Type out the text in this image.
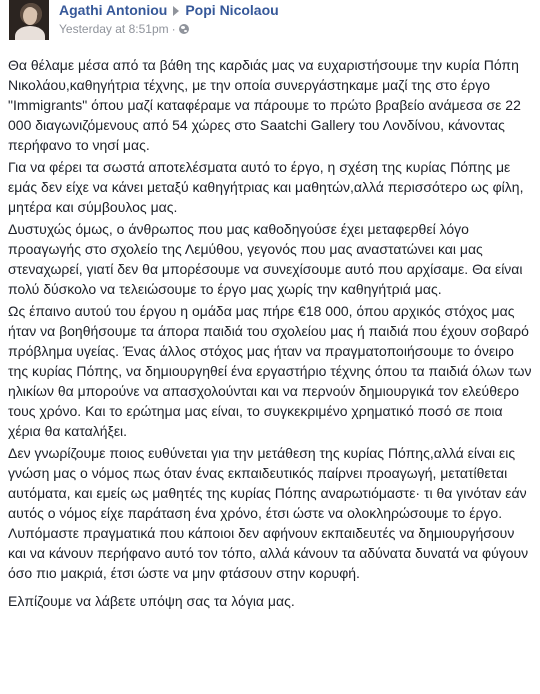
Agathi Antoniou Popi Nicolaou
Yesterday at 8:51pm ·

Θα θέλαμε μέσα από τα βάθη της καρδιάς μας να ευχαριστήσουμε την κυρία Πόπη Νικολάου,καθηγήτρια τέχνης, με την οποία συνεργάστηκαμε μαζί της στο έργο "Immigrants" όπου μαζί καταφέραμε να πάρουμε το πρώτο βραβείο ανάμεσα σε 22 000 διαγωνιζόμενους από 54 χώρες στο Saatchi Gallery του Λονδίνου, κάνοντας περήφανο το νησί μας.

Για να φέρει τα σωστά αποτελέσματα αυτό το έργο, η σχέση της κυρίας Πόπης με εμάς δεν είχε να κάνει μεταξύ καθηγήτριας και μαθητών,αλλά περισσότερο ως φίλη, μητέρα και σύμβουλος μας.

Δυστυχώς όμως, ο άνθρωπος που μας καθοδηγούσε έχει μεταφερθεί λόγο προαγωγής στο σχολείο της Λεμύθου, γεγονός που μας αναστατώνει και μας στεναχωρεί, γιατί δεν θα μπορέσουμε να συνεχίσουμε αυτό που αρχίσαμε. Θα είναι πολύ δύσκολο να τελειώσουμε το έργο μας χωρίς την καθηγήτριά μας.

Ως έπαινο αυτού του έργου η ομάδα μας πήρε €18 000, όπου αρχικός στόχος μας ήταν να βοηθήσουμε τα άπορα παιδιά του σχολείου μας ή παιδιά που έχουν σοβαρό πρόβλημα υγείας. Ένας άλλος στόχος μας ήταν να πραγματοποιήσουμε το όνειρο της κυρίας Πόπης, να δημιουργηθεί ένα εργαστήριο τέχνης όπου τα παιδιά όλων των ηλικίων θα μπορούνε να απασχολούνται και να περνούν δημιουργικά τον ελεύθερο τους χρόνο. Και το ερώτημα μας είναι, το συγκεκριμένο χρηματικό ποσό σε ποια χέρια θα καταλήξει.

Δεν γνωρίζουμε ποιος ευθύνεται για την μετάθεση της κυρίας Πόπης,αλλά είναι εις γνώση μας ο νόμος πως όταν ένας εκπαιδευτικός παίρνει προαγωγή, μετατίθεται αυτόματα, και εμείς ως μαθητές της κυρίας Πόπης αναρωτιόμαστε· τι θα γινόταν εάν αυτός ο νόμος είχε παράταση ένα χρόνο, έτσι ώστε να ολοκληρώσουμε το έργο. Λυπόμαστε πραγματικά που κάποιοι δεν αφήνουν εκπαιδευτές να δημιουργήσουν και να κάνουν περήφανο αυτό τον τόπο, αλλά κάνουν τα αδύνατα δυνατά να φύγουν όσο πιο μακριά, έτσι ώστε να μην φτάσουν στην κορυφή.

Ελπίζουμε να λάβετε υπόψη σας τα λόγια μας.
